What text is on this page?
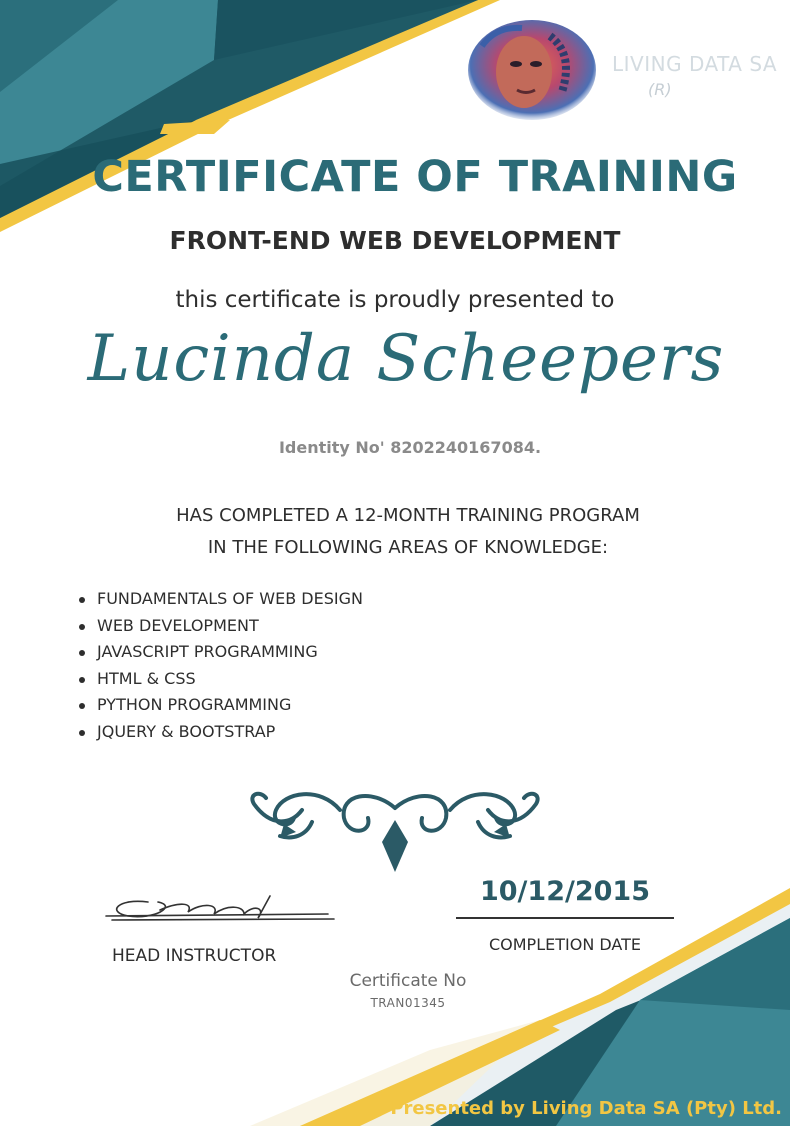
LIVING DATA SA
(R)
CERTIFICATE OF TRAINING
FRONT-END WEB DEVELOPMENT
this certificate is proudly presented to
Lucinda Scheepers
Identity No' 8202240167084.
HAS COMPLETED A 12-MONTH TRAINING PROGRAM
IN THE FOLLOWING AREAS OF KNOWLEDGE:
FUNDAMENTALS OF WEB DESIGN
WEB DEVELOPMENT
JAVASCRIPT PROGRAMMING
HTML & CSS
PYTHON PROGRAMMING
JQUERY & BOOTSTRAP
HEAD INSTRUCTOR
10/12/2015
COMPLETION DATE
Certificate No
TRAN01345
Presented by Living Data SA (Pty) Ltd.
